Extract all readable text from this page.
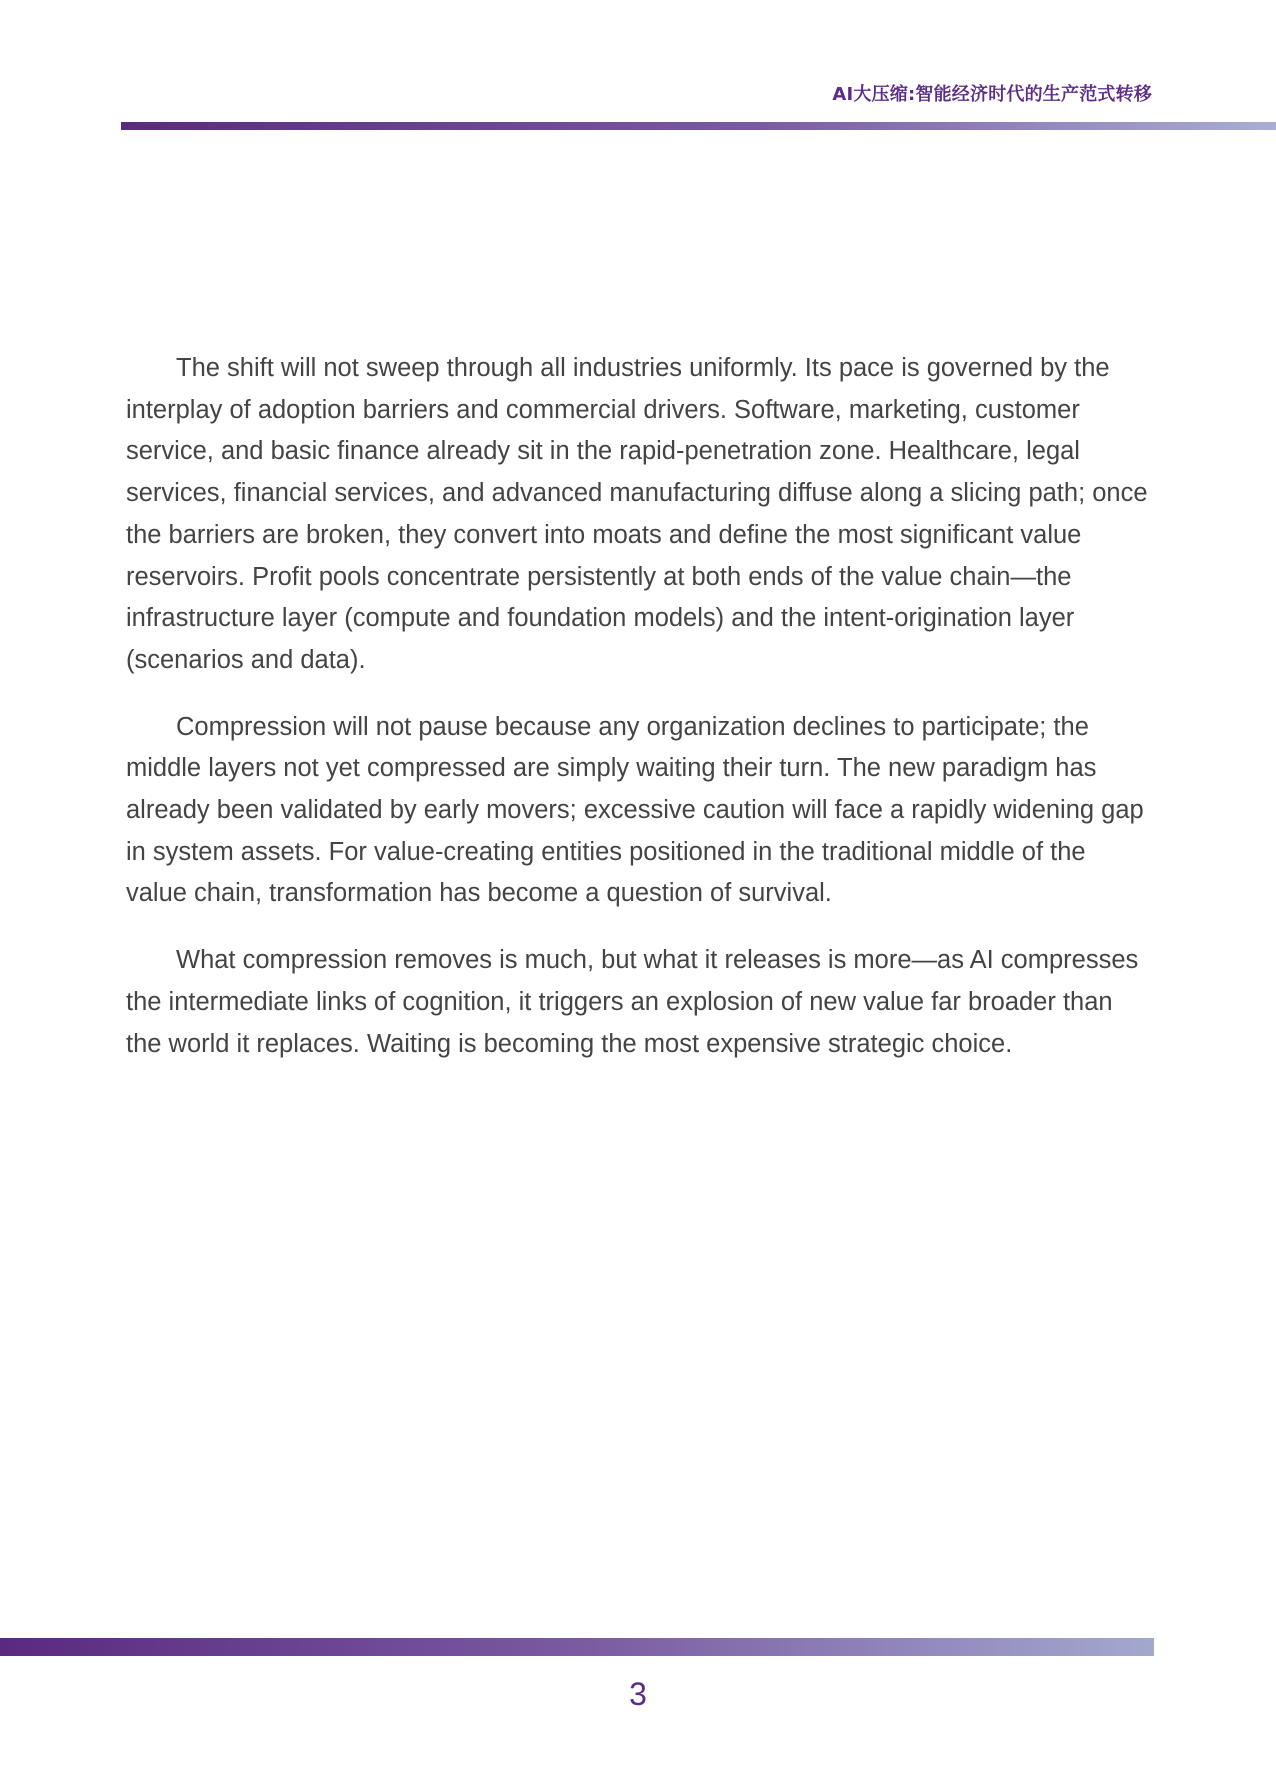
AI大压缩:智能经济时代的生产范式转移

The shift will not sweep through all industries uniformly. Its pace is governed by the interplay of adoption barriers and commercial drivers. Software, marketing, customer service, and basic finance already sit in the rapid-penetration zone. Healthcare, legal services, financial services, and advanced manufacturing diffuse along a slicing path; once the barriers are broken, they convert into moats and define the most significant value reservoirs. Profit pools concentrate persistently at both ends of the value chain—the infrastructure layer (compute and foundation models) and the intent-origination layer (scenarios and data).

Compression will not pause because any organization declines to participate; the middle layers not yet compressed are simply waiting their turn. The new paradigm has already been validated by early movers; excessive caution will face a rapidly widening gap in system assets. For value-creating entities positioned in the traditional middle of the value chain, transformation has become a question of survival.

What compression removes is much, but what it releases is more—as AI compresses the intermediate links of cognition, it triggers an explosion of new value far broader than the world it replaces. Waiting is becoming the most expensive strategic choice.

3
